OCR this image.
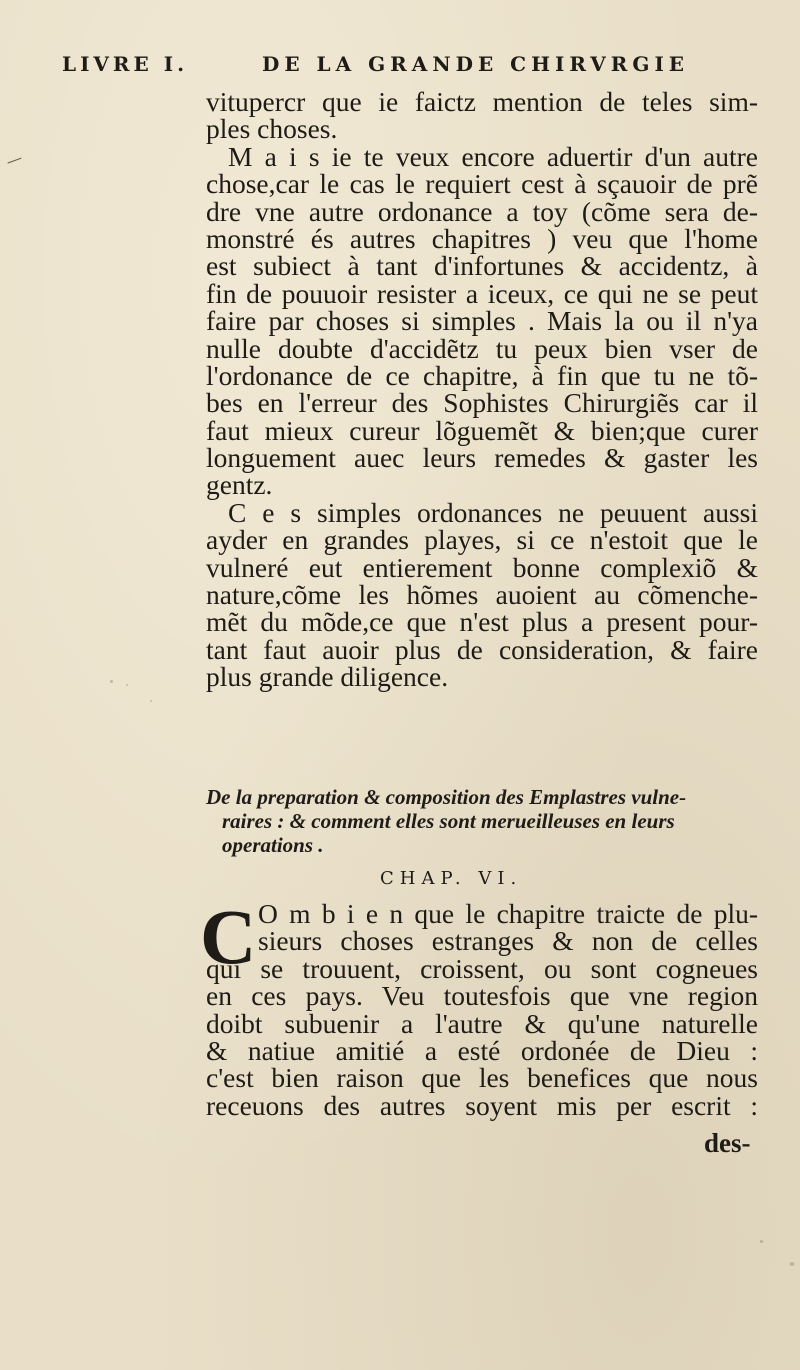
LIVRE I.	DE LA GRANDE CHIRVRGIE
vitupercr que ie faictz mention de teles sim-
ples choses.
M a i s ie te veux encore aduertir d'un autre
chose,car le cas le requiert cest à sçauoir de prẽ
dre vne autre ordonance a toy (cõme sera de-
monstré és autres chapitres ) veu que l'home
est subiect à tant d'infortunes & accidentz, à
fin de pouuoir resister a iceux, ce qui ne se peut
faire par choses si simples . Mais la ou il n'ya
nulle doubte d'accidẽtz tu peux bien vser de
l'ordonance de ce chapitre, à fin que tu ne tõ-
bes en l'erreur des Sophistes Chirurgiẽs car il
faut mieux cureur lõguemẽt & bien;que curer
longuement auec leurs remedes & gaster les
gentz.
C e s simples ordonances ne peuuent aussi
ayder en grandes playes, si ce n'estoit que le
vulneré eut entierement bonne complexiõ &
nature,cõme les hõmes auoient au cõmenche-
mẽt du mõde,ce que n'est plus a present pour-
tant faut auoir plus de consideration, & faire
plus grande diligence.
De la preparation & composition des Emplastres vulne-
raires : & comment elles sont merueilleuses en leurs
operations .
CHAP. VI.
C O m b i e n que le chapitre traicte de plu-
sieurs choses estranges & non de celles
qui se trouuent, croissent, ou sont cogneues
en ces pays. Veu toutesfois que vne region
doibt subuenir a l'autre & qu'une naturelle
& natiue amitié a esté ordonée de Dieu :
c'est bien raison que les benefices que nous
receuons des autres soyent mis per escrit :
des-
—
